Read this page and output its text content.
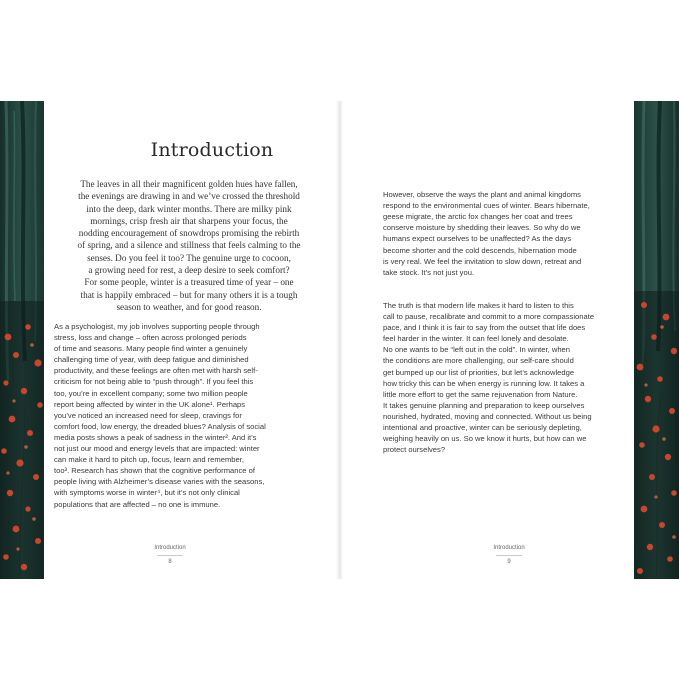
Introduction
The leaves in all their magnificent golden hues have fallen,
the evenings are drawing in and we’ve crossed the threshold
into the deep, dark winter months. There are milky pink
mornings, crisp fresh air that sharpens your focus, the
nodding encouragement of snowdrops promising the rebirth
of spring, and a silence and stillness that feels calming to the
senses. Do you feel it too? The genuine urge to cocoon,
a growing need for rest, a deep desire to seek comfort?
For some people, winter is a treasured time of year – one
that is happily embraced – but for many others it is a tough
season to weather, and for good reason.
As a psychologist, my job involves supporting people through
stress, loss and change – often across prolonged periods
of time and seasons. Many people find winter a genuinely
challenging time of year, with deep fatigue and diminished
productivity, and these feelings are often met with harsh self-
criticism for not being able to “push through”. If you feel this
too, you’re in excellent company; some two million people
report being affected by winter in the UK alone¹. Perhaps
you’ve noticed an increased need for sleep, cravings for
comfort food, low energy, the dreaded blues? Analysis of social
media posts shows a peak of sadness in the winter². And it’s
not just our mood and energy levels that are impacted: winter
can make it hard to pitch up, focus, learn and remember,
too³. Research has shown that the cognitive performance of
people living with Alzheimer’s disease varies with the seasons,
with symptoms worse in winter⁴, but it’s not only clinical
populations that are affected – no one is immune.
Introduction
8

However, observe the ways the plant and animal kingdoms
respond to the environmental cues of winter. Bears hibernate,
geese migrate, the arctic fox changes her coat and trees
conserve moisture by shedding their leaves. So why do we
humans expect ourselves to be unaffected? As the days
become shorter and the cold descends, hibernation mode
is very real. We feel the invitation to slow down, retreat and
take stock. It’s not just you.

The truth is that modern life makes it hard to listen to this
call to pause, recalibrate and commit to a more compassionate
pace, and I think it is fair to say from the outset that life does
feel harder in the winter. It can feel lonely and desolate.
No one wants to be “left out in the cold”. In winter, when
the conditions are more challenging, our self-care should
get bumped up our list of priorities, but let’s acknowledge
how tricky this can be when energy is running low. It takes a
little more effort to get the same rejuvenation from Nature.
It takes genuine planning and preparation to keep ourselves
nourished, hydrated, moving and connected. Without us being
intentional and proactive, winter can be seriously depleting,
weighing heavily on us. So we know it hurts, but how can we
protect ourselves?

Introduction
9
